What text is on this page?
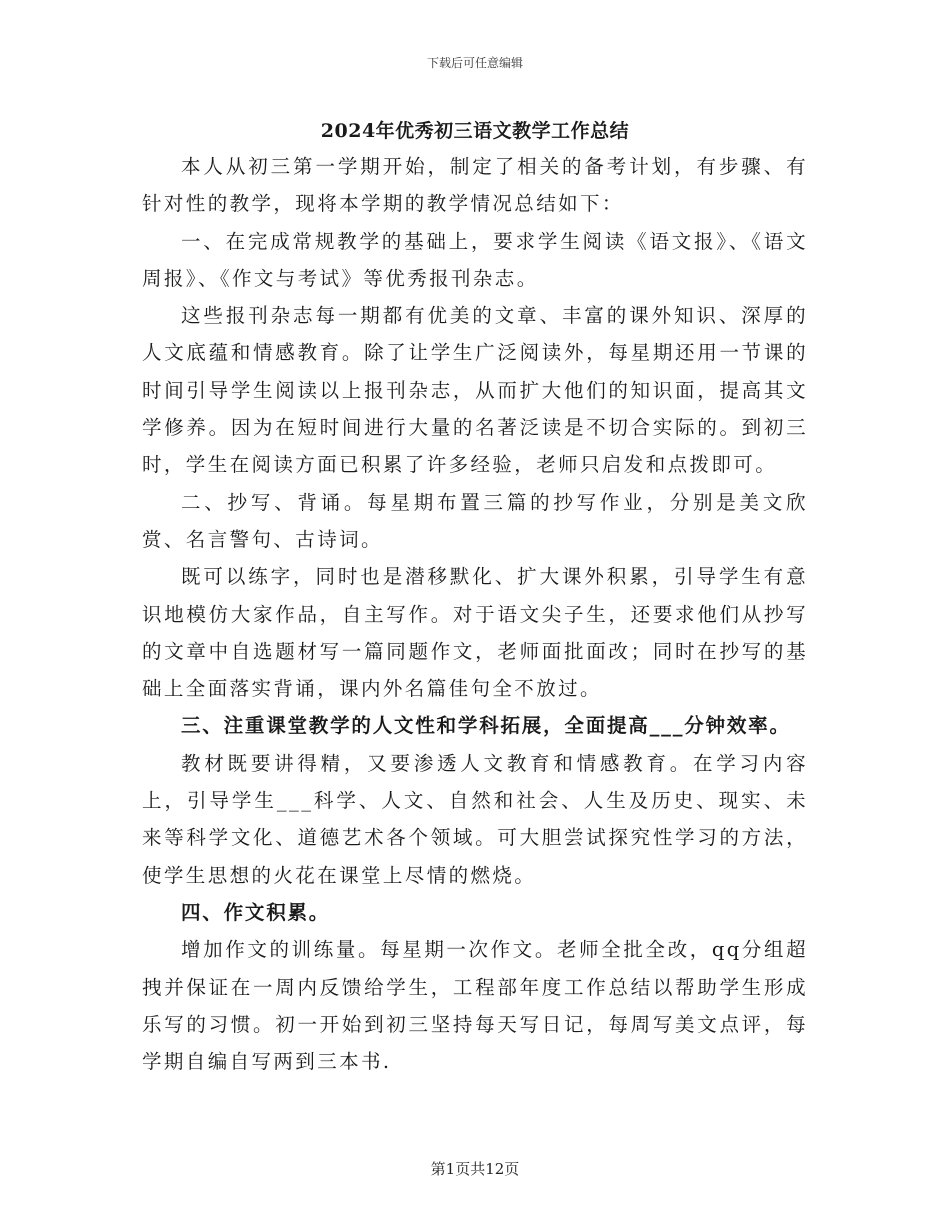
下载后可任意编辑
2024年优秀初三语文教学工作总结

本人从初三第一学期开始，制定了相关的备考计划，有步骤、有针对性的教学，现将本学期的教学情况总结如下：

一、在完成常规教学的基础上，要求学生阅读《语文报》、《语文周报》、《作文与考试》等优秀报刊杂志。

这些报刊杂志每一期都有优美的文章、丰富的课外知识、深厚的人文底蕴和情感教育。除了让学生广泛阅读外，每星期还用一节课的时间引导学生阅读以上报刊杂志，从而扩大他们的知识面，提高其文学修养。因为在短时间进行大量的名著泛读是不切合实际的。到初三时，学生在阅读方面已积累了许多经验，老师只启发和点拨即可。

二、抄写、背诵。每星期布置三篇的抄写作业，分别是美文欣赏、名言警句、古诗词。

既可以练字，同时也是潜移默化、扩大课外积累，引导学生有意识地模仿大家作品，自主写作。对于语文尖子生，还要求他们从抄写的文章中自选题材写一篇同题作文，老师面批面改；同时在抄写的基础上全面落实背诵，课内外名篇佳句全不放过。

三、注重课堂教学的人文性和学科拓展，全面提高___分钟效率。

教材既要讲得精，又要渗透人文教育和情感教育。在学习内容上，引导学生___科学、人文、自然和社会、人生及历史、现实、未来等科学文化、道德艺术各个领域。可大胆尝试探究性学习的方法，使学生思想的火花在课堂上尽情的燃烧。

四、作文积累。

增加作文的训练量。每星期一次作文。老师全批全改，qq分组超拽并保证在一周内反馈给学生，工程部年度工作总结以帮助学生形成乐写的习惯。初一开始到初三坚持每天写日记，每周写美文点评，每学期自编自写两到三本书.

第1页共12页
